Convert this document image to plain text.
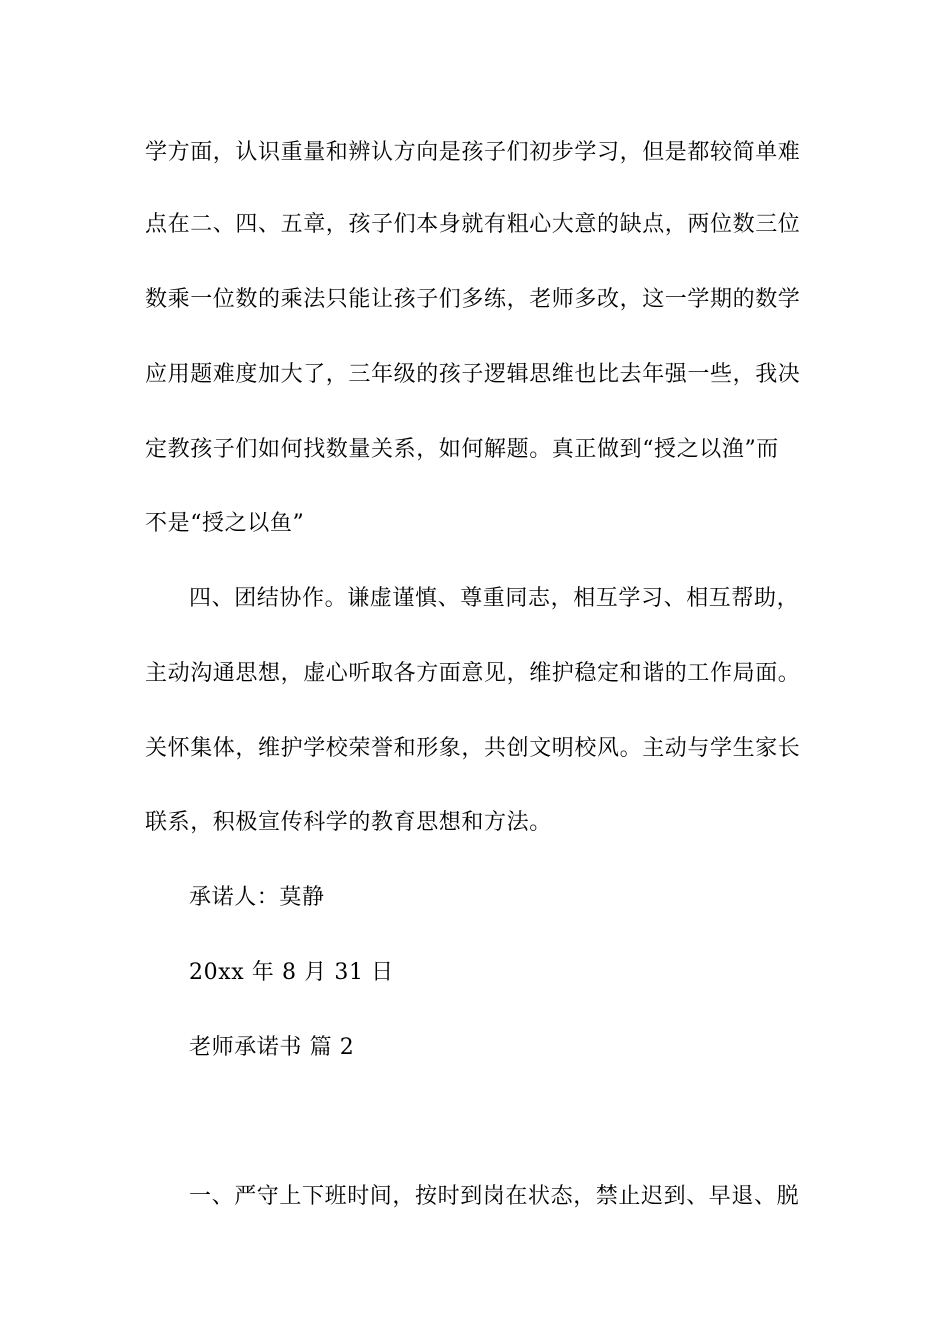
学方面，认识重量和辨认方向是孩子们初步学习，但是都较简单难
点在二、四、五章，孩子们本身就有粗心大意的缺点，两位数三位
数乘一位数的乘法只能让孩子们多练，老师多改，这一学期的数学
应用题难度加大了，三年级的孩子逻辑思维也比去年强一些，我决
定教孩子们如何找数量关系，如何解题。真正做到“授之以渔”而
不是“授之以鱼”
四、团结协作。谦虚谨慎、尊重同志，相互学习、相互帮助，
主动沟通思想，虚心听取各方面意见，维护稳定和谐的工作局面。
关怀集体，维护学校荣誉和形象，共创文明校风。主动与学生家长
联系，积极宣传科学的教育思想和方法。
承诺人：莫静
20xx 年 8 月 31 日
老师承诺书 篇 2
一、严守上下班时间，按时到岗在状态，禁止迟到、早退、脱
